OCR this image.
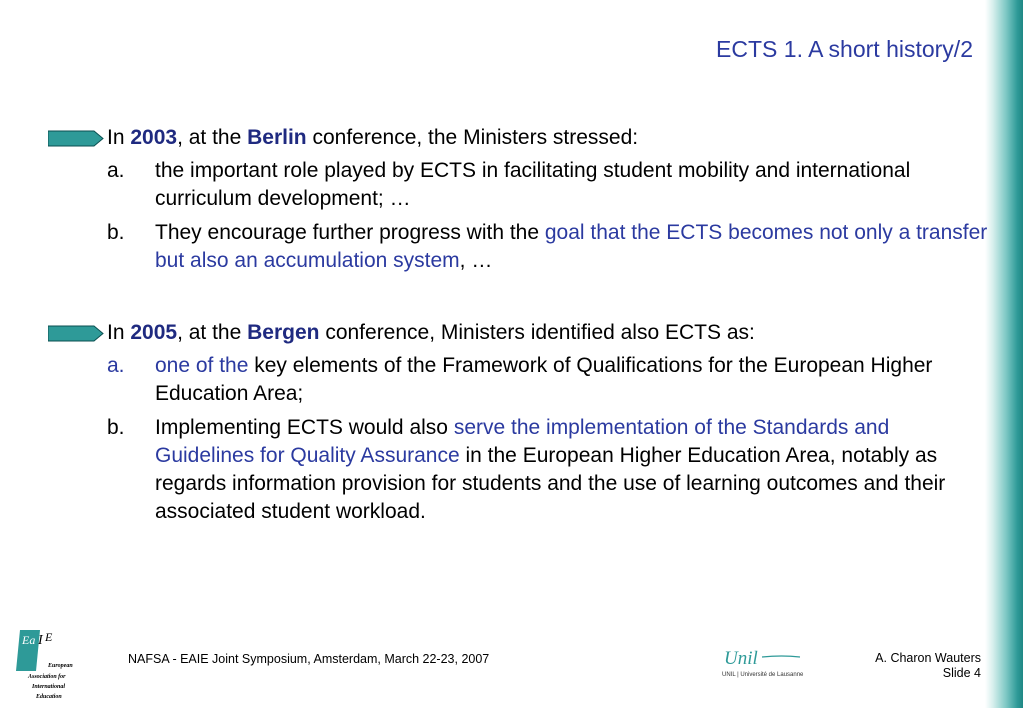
ECTS 1. A short history/2
In 2003, at the Berlin conference, the Ministers stressed:
a. the important role played by ECTS in facilitating student mobility and international curriculum development; …
b. They encourage further progress with the goal that the ECTS becomes not only a transfer but also an accumulation system, …
In 2005, at the Bergen conference, Ministers identified also ECTS as:
a. one of the key elements of the Framework of Qualifications for the European Higher Education Area;
b. Implementing ECTS would also serve the implementation of the Standards and Guidelines for Quality Assurance in the European Higher Education Area, notably as regards information provision for students and the use of learning outcomes and their associated student workload.
Ea I E
European
Association for
International
Education
NAFSA - EAIE Joint Symposium, Amsterdam, March 22-23, 2007	Unil
UNIL | Université de Lausanne
A. Charon Wauters
Slide 4
